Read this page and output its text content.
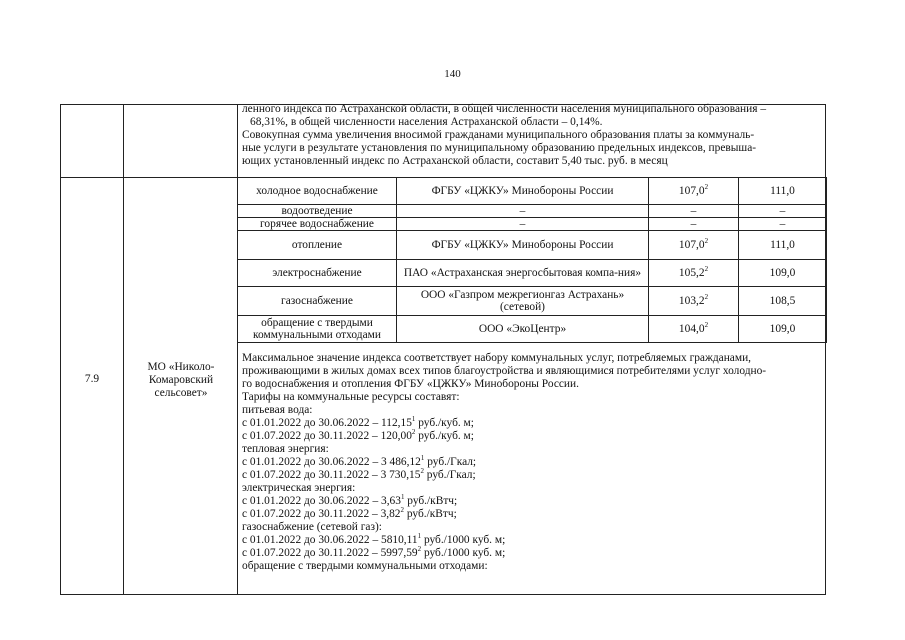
140
ленного индекса по Астраханской области, в общей численности населения муниципального образования –
68,31%, в общей численности населения Астраханской области – 0,14%.
Совокупная сумма увеличения вносимой гражданами муниципального образования платы за коммуналь-
ные услуги в результате установления по муниципальному образованию предельных индексов, превыша-
ющих установленный индекс по Астраханской области, составит 5,40 тыс. руб. в месяц
7.9
МО «Николо-Комаровский сельсовет»
холодное водоснабжение	ФГБУ «ЦЖКУ» Минобороны России	107,0$^2$	111,0
водоотведение	–	–	–
горячее водоснабжение	–	–	–
отопление	ФГБУ «ЦЖКУ» Минобороны России	107,0$^2$	111,0
электроснабжение	ПАО «Астраханская энергосбытовая компа-ния»	105,2$^2$	109,0
газоснабжение	ООО «Газпром межрегионгаз Астрахань» (сетевой)	103,2$^2$	108,5
обращение с твердыми коммунальными отходами	ООО «ЭкоЦентр»	104,0$^2$	109,0
Максимальное значение индекса соответствует набору коммунальных услуг, потребляемых гражданами,
проживающими в жилых домах всех типов благоустройства и являющимися потребителями услуг холодно-
го водоснабжения и отопления ФГБУ «ЦЖКУ» Минобороны России.
Тарифы на коммунальные ресурсы составят:
питьевая вода:
с 01.01.2022 до 30.06.2022 – 112,15$^1$ руб./куб. м;
с 01.07.2022 до 30.11.2022 – 120,00$^2$ руб./куб. м;
тепловая энергия:
с 01.01.2022 до 30.06.2022 – 3 486,12$^1$ руб./Гкал;
с 01.07.2022 до 30.11.2022 – 3 730,15$^2$ руб./Гкал;
электрическая энергия:
с 01.01.2022 до 30.06.2022 – 3,63$^1$ руб./кВтч;
с 01.07.2022 до 30.11.2022 – 3,82$^2$ руб./кВтч;
газоснабжение (сетевой газ):
с 01.01.2022 до 30.06.2022 – 5810,11$^1$ руб./1000 куб. м;
с 01.07.2022 до 30.11.2022 – 5997,59$^2$ руб./1000 куб. м;
обращение с твердыми коммунальными отходами:
